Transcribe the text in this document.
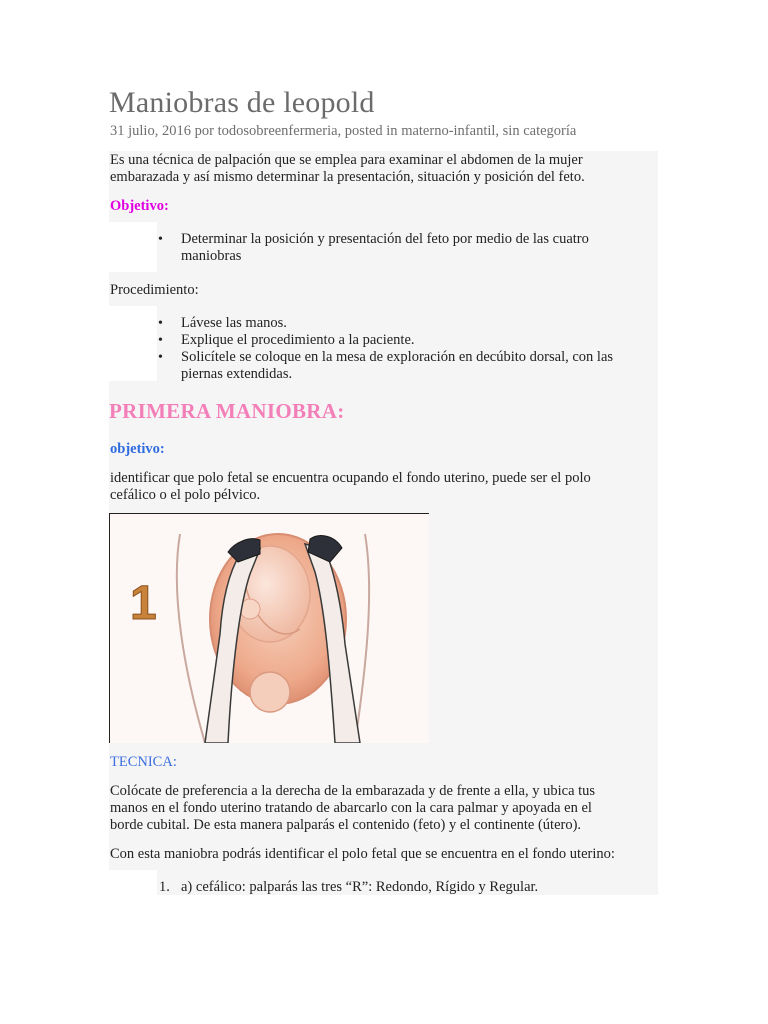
Maniobras de leopold
31 julio, 2016 por todosobreenfermeria, posted in materno-infantil, sin categoría

Es una técnica de palpación que se emplea para examinar el abdomen de la mujer

embarazada y así mismo determinar la presentación, situación y posición del feto.

Objetivo:
• Determinar la posición y presentación del feto por medio de las cuatro
maniobras

Procedimiento:

• Lávese las manos.
• Explique el procedimiento a la paciente.
• Solicítele se coloque en la mesa de exploración en decúbito dorsal, con las
piernas extendidas.
PRIMERA MANIOBRA:
objetivo:

identificar que polo fetal se encuentra ocupando el fondo uterino, puede ser el polo

cefálico o el polo pélvico.

1
TECNICA:

Colócate de preferencia a la derecha de la embarazada y de frente a ella, y ubica tus

manos en el fondo uterino tratando de abarcarlo con la cara palmar y apoyada en el

borde cubital. De esta manera palparás el contenido (feto) y el continente (útero).

Con esta maniobra podrás identificar el polo fetal que se encuentra en el fondo uterino:

1. a) cefálico: palparás las tres “R”: Redondo, Rígido y Regular.
